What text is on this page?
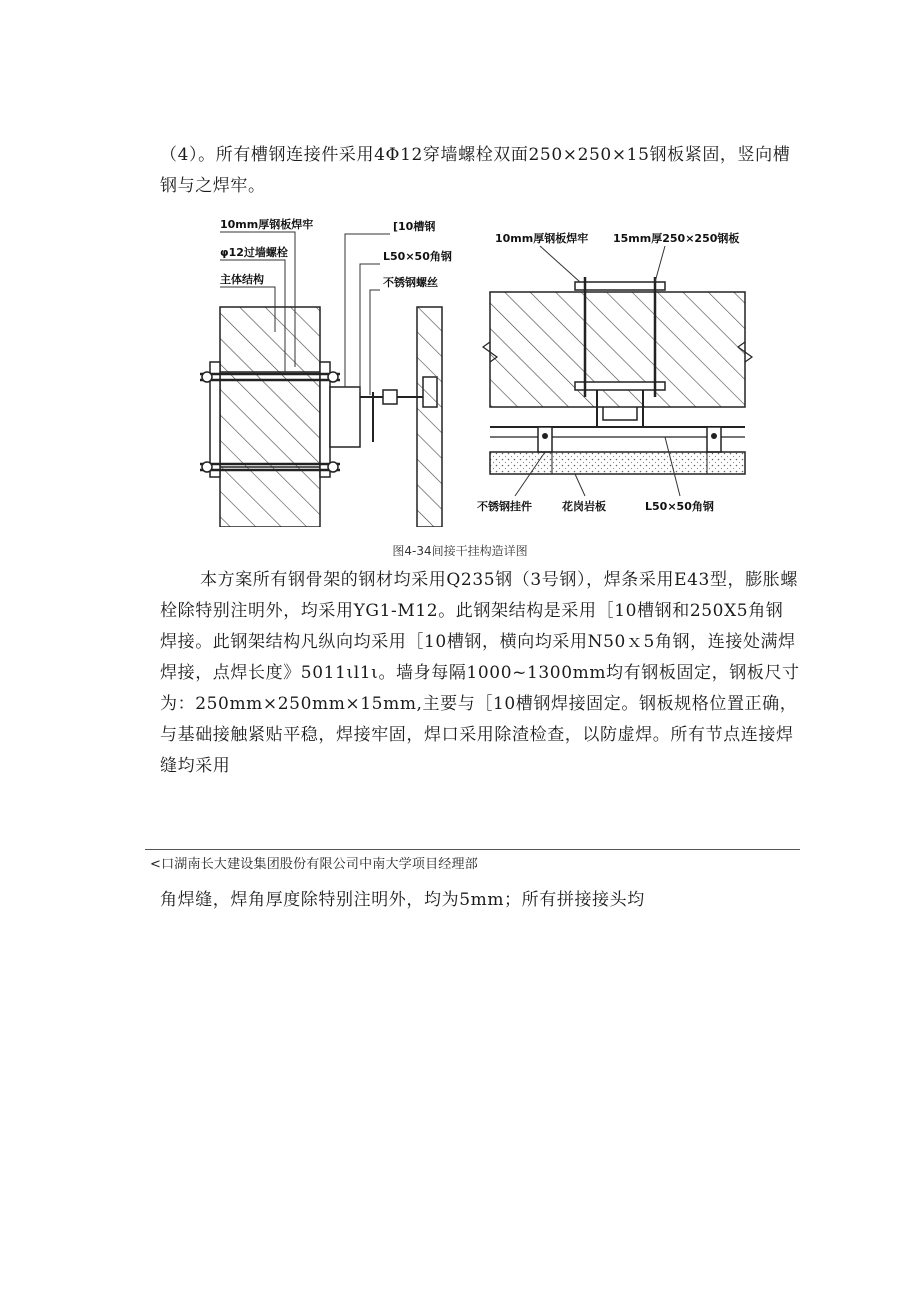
（4）。所有槽钢连接件采用4Φ12穿墙螺栓双面250×250×15钢板紧固，竖向槽钢与之焊牢。

10mm厚钢板焊牢
φ12过墙螺栓
主体结构
[10槽钢
L50×50角钢
不锈钢螺丝
10mm厚钢板焊牢 15mm厚250×250钢板
不锈钢挂件	花岗岩板	L50×50角钢
图4-34间接干挂构造详图

本方案所有钢骨架的钢材均采用Q235钢（3号钢），焊条采用E43型，膨胀螺栓除特别注明外，均采用YG1-M12。此钢架结构是采用［10槽钢和250X5角钢焊接。此钢架结构凡纵向均采用［10槽钢，横向均采用N50ｘ5角钢，连接处满焊焊接，点焊长度》5011ιl1ι。墙身每隔1000~1300mm均有钢板固定，钢板尺寸为：250mm×250mm×15mm,主要与［10槽钢焊接固定。钢板规格位置正确，与基础接触紧贴平稳，焊接牢固，焊口采用除渣检查，以防虚焊。所有节点连接焊缝均采用

<口湖南长大建设集团股份有限公司中南大学项目经理部

角焊缝，焊角厚度除特别注明外，均为5mm；所有拼接接头均
